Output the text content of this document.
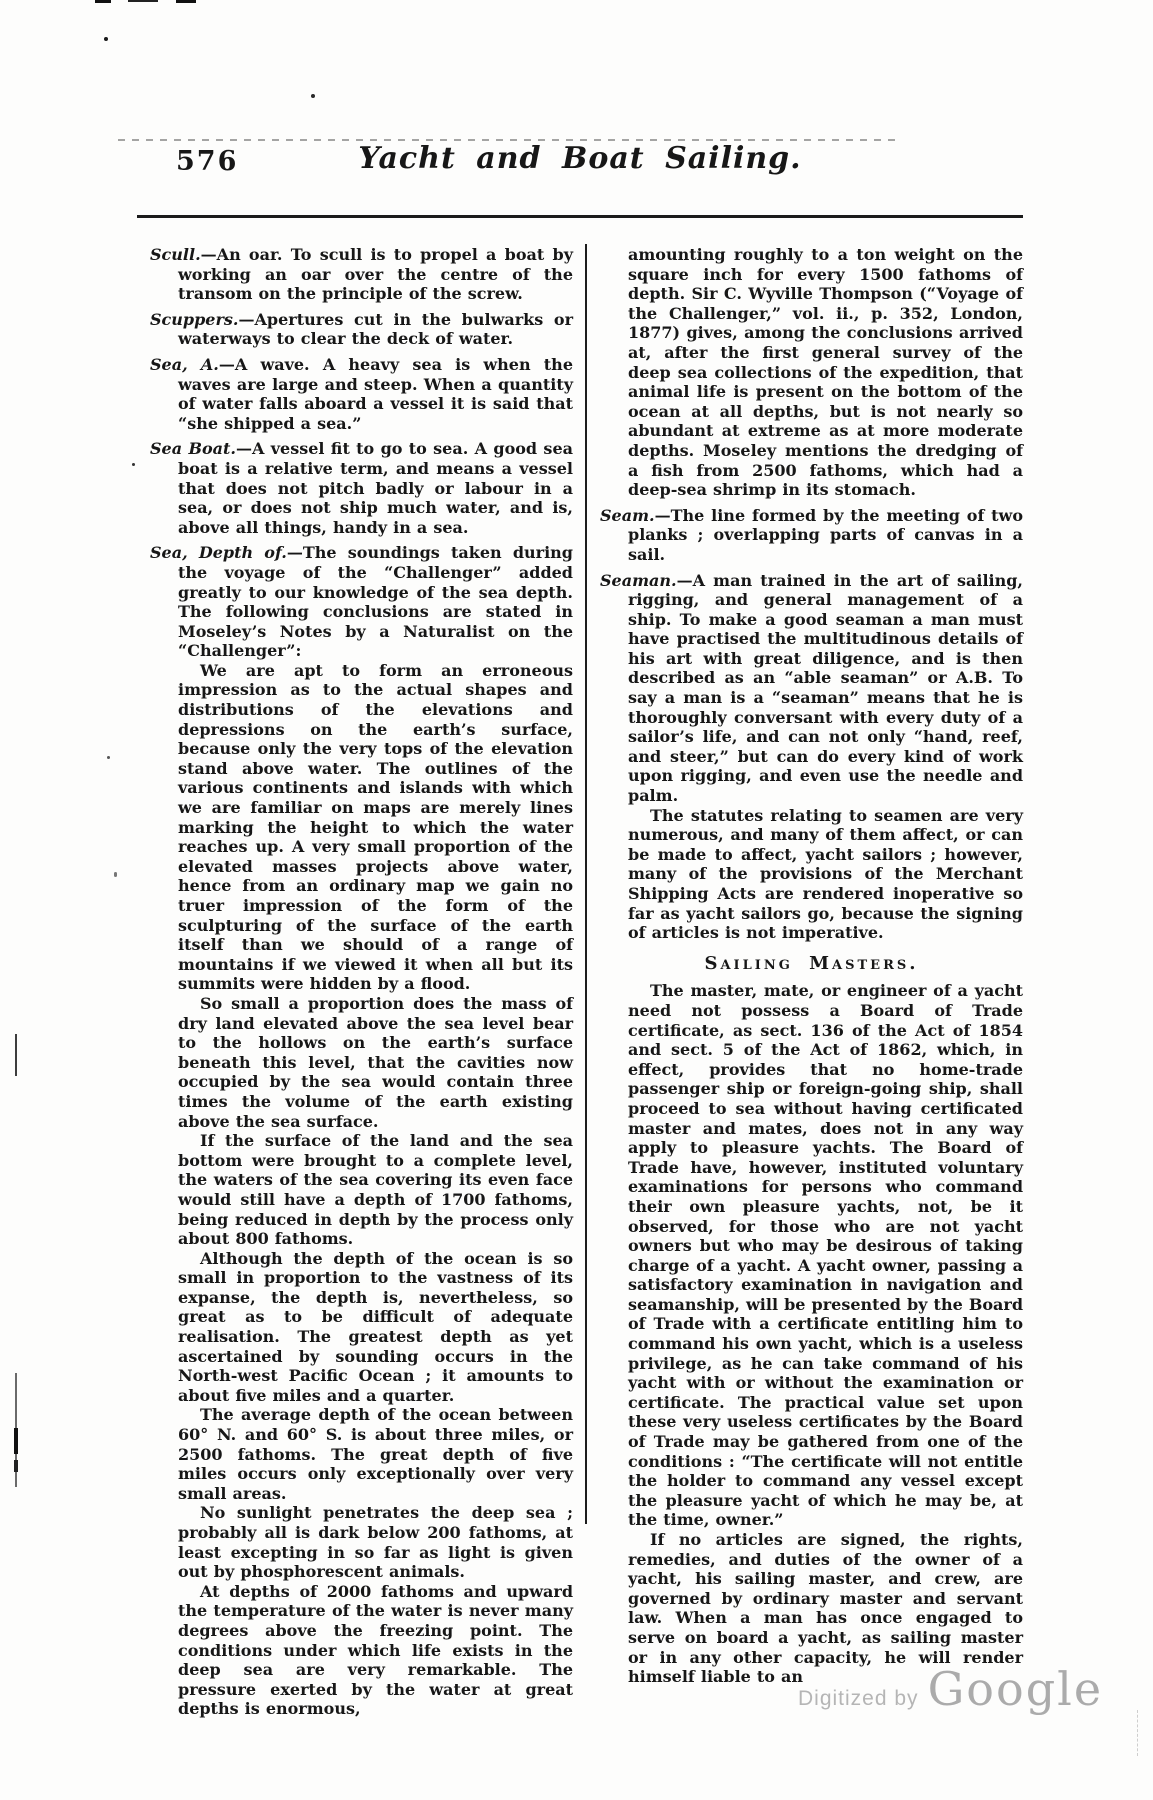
576	Yacht and Boat Sailing.

Scull.—An oar. To scull is to propel a boat by working an oar over the centre of the transom on the principle of the screw.

Scuppers.—Apertures cut in the bulwarks or waterways to clear the deck of water.

Sea, A.—A wave. A heavy sea is when the waves are large and steep. When a quantity of water falls aboard a vessel it is said that “she shipped a sea.”

Sea Boat.—A vessel fit to go to sea. A good sea boat is a relative term, and means a vessel that does not pitch badly or labour in a sea, or does not ship much water, and is, above all things, handy in a sea.

Sea, Depth of.—The soundings taken during the voyage of the “Challenger” added greatly to our knowledge of the sea depth. The following conclusions are stated in Moseley’s Notes by a Naturalist on the “Challenger”:

We are apt to form an erroneous impression as to the actual shapes and distributions of the elevations and depressions on the earth’s surface, because only the very tops of the elevation stand above water. The outlines of the various continents and islands with which we are familiar on maps are merely lines marking the height to which the water reaches up. A very small proportion of the elevated masses projects above water, hence from an ordinary map we gain no truer impression of the form of the sculpturing of the surface of the earth itself than we should of a range of mountains if we viewed it when all but its summits were hidden by a flood.

So small a proportion does the mass of dry land elevated above the sea level bear to the hollows on the earth’s surface beneath this level, that the cavities now occupied by the sea would contain three times the volume of the earth existing above the sea surface.

If the surface of the land and the sea bottom were brought to a complete level, the waters of the sea covering its even face would still have a depth of 1700 fathoms, being reduced in depth by the process only about 800 fathoms.

Although the depth of the ocean is so small in proportion to the vastness of its expanse, the depth is, nevertheless, so great as to be difficult of adequate realisation. The greatest depth as yet ascertained by sounding occurs in the North-west Pacific Ocean ; it amounts to about five miles and a quarter.

The average depth of the ocean between 60° N. and 60° S. is about three miles, or 2500 fathoms. The great depth of five miles occurs only exceptionally over very small areas.

No sunlight penetrates the deep sea ; probably all is dark below 200 fathoms, at least excepting in so far as light is given out by phosphorescent animals.

At depths of 2000 fathoms and upward the temperature of the water is never many degrees above the freezing point. The conditions under which life exists in the deep sea are very remarkable. The pressure exerted by the water at great depths is enormous,

amounting roughly to a ton weight on the square inch for every 1500 fathoms of depth. Sir C. Wyville Thompson (“Voyage of the Challenger,” vol. ii., p. 352, London, 1877) gives, among the conclusions arrived at, after the first general survey of the deep sea collections of the expedition, that animal life is present on the bottom of the ocean at all depths, but is not nearly so abundant at extreme as at more moderate depths. Moseley mentions the dredging of a fish from 2500 fathoms, which had a deep-sea shrimp in its stomach.

Seam.—The line formed by the meeting of two planks ; overlapping parts of canvas in a sail.

Seaman.—A man trained in the art of sailing, rigging, and general management of a ship. To make a good seaman a man must have practised the multitudinous details of his art with great diligence, and is then described as an “able seaman” or A.B. To say a man is a “seaman” means that he is thoroughly conversant with every duty of a sailor’s life, and can not only “hand, reef, and steer,” but can do every kind of work upon rigging, and even use the needle and palm.

The statutes relating to seamen are very numerous, and many of them affect, or can be made to affect, yacht sailors ; however, many of the provisions of the Merchant Shipping Acts are rendered inoperative so far as yacht sailors go, because the signing of articles is not imperative.

Sailing Masters.

The master, mate, or engineer of a yacht need not possess a Board of Trade certificate, as sect. 136 of the Act of 1854 and sect. 5 of the Act of 1862, which, in effect, provides that no home-trade passenger ship or foreign-going ship, shall proceed to sea without having certificated master and mates, does not in any way apply to pleasure yachts. The Board of Trade have, however, instituted voluntary examinations for persons who command their own pleasure yachts, not, be it observed, for those who are not yacht owners but who may be desirous of taking charge of a yacht. A yacht owner, passing a satisfactory examination in navigation and seamanship, will be presented by the Board of Trade with a certificate entitling him to command his own yacht, which is a useless privilege, as he can take command of his yacht with or without the examination or certificate. The practical value set upon these very useless certificates by the Board of Trade may be gathered from one of the conditions : “The certificate will not entitle the holder to command any vessel except the pleasure yacht of which he may be, at the time, owner.”

If no articles are signed, the rights, remedies, and duties of the owner of a yacht, his sailing master, and crew, are governed by ordinary master and servant law. When a man has once engaged to serve on board a yacht, as sailing master or in any other capacity, he will render himself liable to an

Digitized by Google
